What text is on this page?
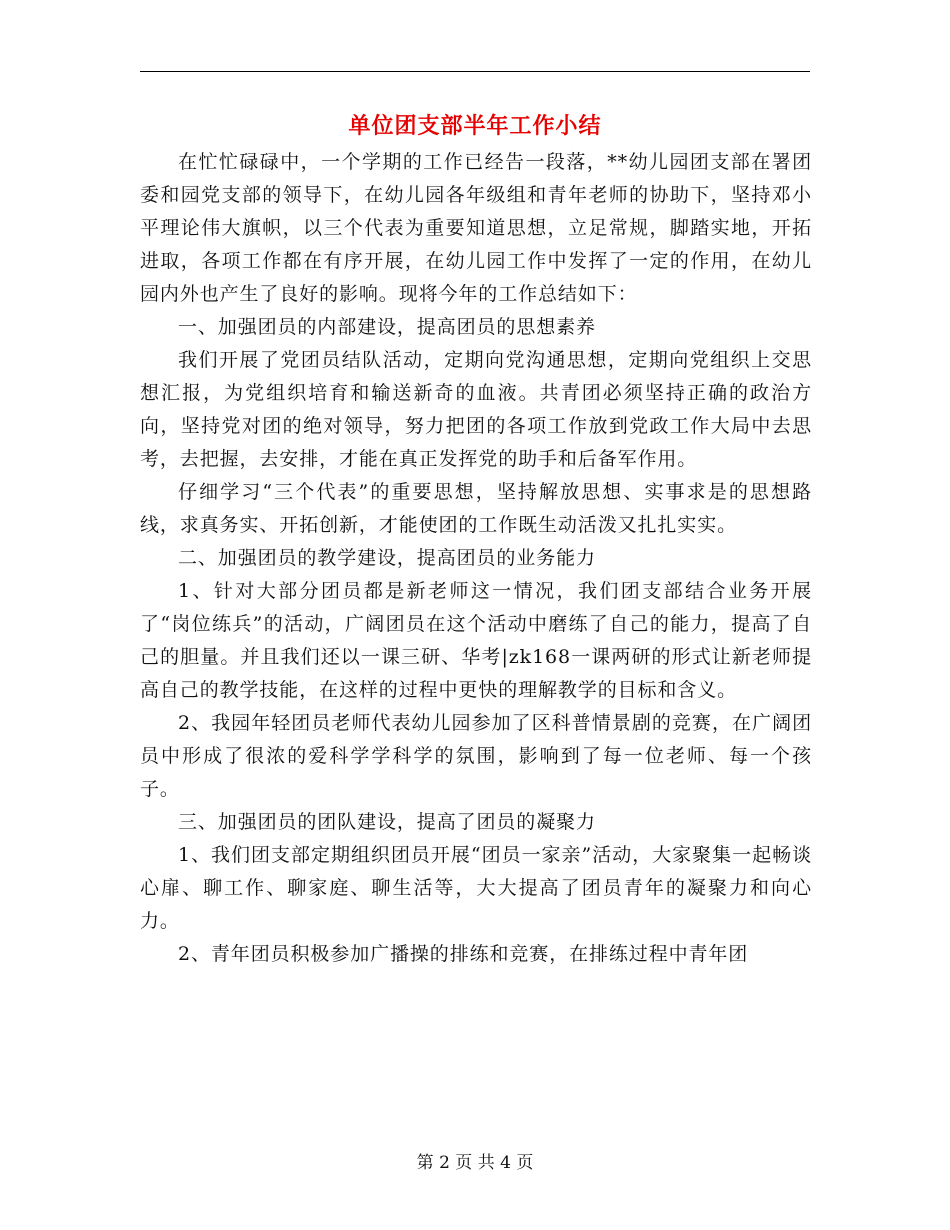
单位团支部半年工作小结

在忙忙碌碌中，一个学期的工作已经告一段落，**幼儿园团支部在署团委和园党支部的领导下，在幼儿园各年级组和青年老师的协助下，坚持邓小平理论伟大旗帜，以三个代表为重要知道思想，立足常规，脚踏实地，开拓进取，各项工作都在有序开展，在幼儿园工作中发挥了一定的作用，在幼儿园内外也产生了良好的影响。现将今年的工作总结如下：

一、加强团员的内部建设，提高团员的思想素养

我们开展了党团员结队活动，定期向党沟通思想，定期向党组织上交思想汇报，为党组织培育和输送新奇的血液。共青团必须坚持正确的政治方向，坚持党对团的绝对领导，努力把团的各项工作放到党政工作大局中去思考，去把握，去安排，才能在真正发挥党的助手和后备军作用。

仔细学习“三个代表”的重要思想，坚持解放思想、实事求是的思想路线，求真务实、开拓创新，才能使团的工作既生动活泼又扎扎实实。

二、加强团员的教学建设，提高团员的业务能力

1、针对大部分团员都是新老师这一情况，我们团支部结合业务开展了“岗位练兵”的活动，广阔团员在这个活动中磨练了自己的能力，提高了自己的胆量。并且我们还以一课三研、华考|zk168一课两研的形式让新老师提高自己的教学技能，在这样的过程中更快的理解教学的目标和含义。

2、我园年轻团员老师代表幼儿园参加了区科普情景剧的竞赛，在广阔团员中形成了很浓的爱科学学科学的氛围，影响到了每一位老师、每一个孩子。

三、加强团员的团队建设，提高了团员的凝聚力

1、我们团支部定期组织团员开展“团员一家亲”活动，大家聚集一起畅谈心扉、聊工作、聊家庭、聊生活等，大大提高了团员青年的凝聚力和向心力。

2、青年团员积极参加广播操的排练和竞赛，在排练过程中青年团

第 2 页 共 4 页
